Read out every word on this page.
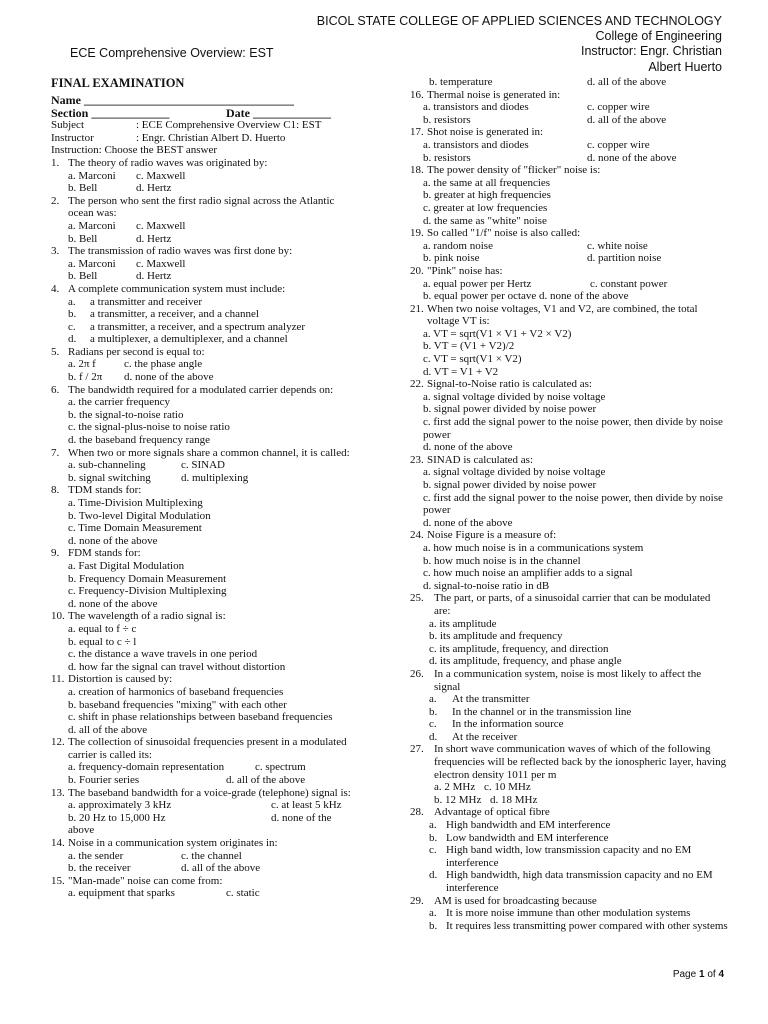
BICOL STATE COLLEGE OF APPLIED SCIENCES AND TECHNOLOGY
College of Engineering
Instructor: Engr. Christian
Albert Huerto
ECE Comprehensive Overview: EST
FINAL EXAMINATION
Name ___________________________________
Section _____________	Date _____________
Subject	: ECE Comprehensive Overview C1: EST
Instructor	: Engr. Christian Albert D. Huerto
Instruction: Choose the BEST answer
1. The theory of radio waves was originated by:
a. Marconi	c. Maxwell
b. Bell	d. Hertz
2. The person who sent the first radio signal across the Atlantic ocean was:
a. Marconi	c. Maxwell
b. Bell	d. Hertz
3. The transmission of radio waves was first done by:
a. Marconi	c. Maxwell
b. Bell	d. Hertz
4. A complete communication system must include:
a.	a transmitter and receiver
b.	a transmitter, a receiver, and a channel
c.	a transmitter, a receiver, and a spectrum analyzer
d.	a multiplexer, a demultiplexer, and a channel
5. Radians per second is equal to:
a. 2π f	c. the phase angle
b. f / 2π	d. none of the above
6. The bandwidth required for a modulated carrier depends on:
a. the carrier frequency
b. the signal-to-noise ratio
c. the signal-plus-noise to noise ratio
d. the baseband frequency range
7. When two or more signals share a common channel, it is called:
a. sub-channeling	c. SINAD
b. signal switching	d. multiplexing
8. TDM stands for:
a. Time-Division Multiplexing
b. Two-level Digital Modulation
c. Time Domain Measurement
d. none of the above
9. FDM stands for:
a. Fast Digital Modulation
b. Frequency Domain Measurement
c. Frequency-Division Multiplexing
d. none of the above
10. The wavelength of a radio signal is:
a. equal to f ÷ c
b. equal to c ÷ l
c. the distance a wave travels in one period
d. how far the signal can travel without distortion
11. Distortion is caused by:
a. creation of harmonics of baseband frequencies
b. baseband frequencies "mixing" with each other
c. shift in phase relationships between baseband frequencies
d. all of the above
12. The collection of sinusoidal frequencies present in a modulated carrier is called its:
a. frequency-domain representation	c. spectrum
b. Fourier series	d. all of the above
13. The baseband bandwidth for a voice-grade (telephone) signal is:
a. approximately 3 kHz	c. at least 5 kHz
b. 20 Hz to 15,000 Hz	d. none of the
above
14. Noise in a communication system originates in:
a. the sender	c. the channel
b. the receiver	d. all of the above
15. "Man-made" noise can come from:
a. equipment that sparks	c. static
b. temperature	d. all of the above
16. Thermal noise is generated in:
a. transistors and diodes	c. copper wire
b. resistors	d. all of the above
17. Shot noise is generated in:
a. transistors and diodes	c. copper wire
b. resistors	d. none of the above
18. The power density of "flicker" noise is:
a. the same at all frequencies
b. greater at high frequencies
c. greater at low frequencies
d. the same as "white" noise
19. So called "1/f" noise is also called:
a. random noise	c. white noise
b. pink noise	d. partition noise
20. "Pink" noise has:
a. equal power per Hertz	c. constant power
b. equal power per octave d. none of the above
21. When two noise voltages, V1 and V2, are combined, the total voltage VT is:
a. VT = sqrt(V1 × V1 + V2 × V2)
b. VT = (V1 + V2)/2
c. VT = sqrt(V1 × V2)
d. VT = V1 + V2
22. Signal-to-Noise ratio is calculated as:
a. signal voltage divided by noise voltage
b. signal power divided by noise power
c. first add the signal power to the noise power, then divide by noise power
d. none of the above
23. SINAD is calculated as:
a. signal voltage divided by noise voltage
b. signal power divided by noise power
c. first add the signal power to the noise power, then divide by noise power
d. none of the above
24. Noise Figure is a measure of:
a. how much noise is in a communications system
b. how much noise is in the channel
c. how much noise an amplifier adds to a signal
d. signal-to-noise ratio in dB
25. The part, or parts, of a sinusoidal carrier that can be modulated are:
a. its amplitude
b. its amplitude and frequency
c. its amplitude, frequency, and direction
d. its amplitude, frequency, and phase angle
26. In a communication system, noise is most likely to affect the signal
a.	At the transmitter
b.	In the channel or in the transmission line
c.	In the information source
d.	At the receiver
27. In short wave communication waves of which of the following frequencies will be reflected back by the ionospheric layer, having electron density 1011 per m
a. 2 MHz c. 10 MHz
b. 12 MHz d. 18 MHz
28. Advantage of optical fibre
a. High bandwidth and EM interference
b. Low bandwidth and EM interference
c. High band width, low transmission capacity and no EM interference
d. High bandwidth, high data transmission capacity and no EM interference
29. AM is used for broadcasting because
a. It is more noise immune than other modulation systems
b. It requires less transmitting power compared with other systems
Page 1 of 4
